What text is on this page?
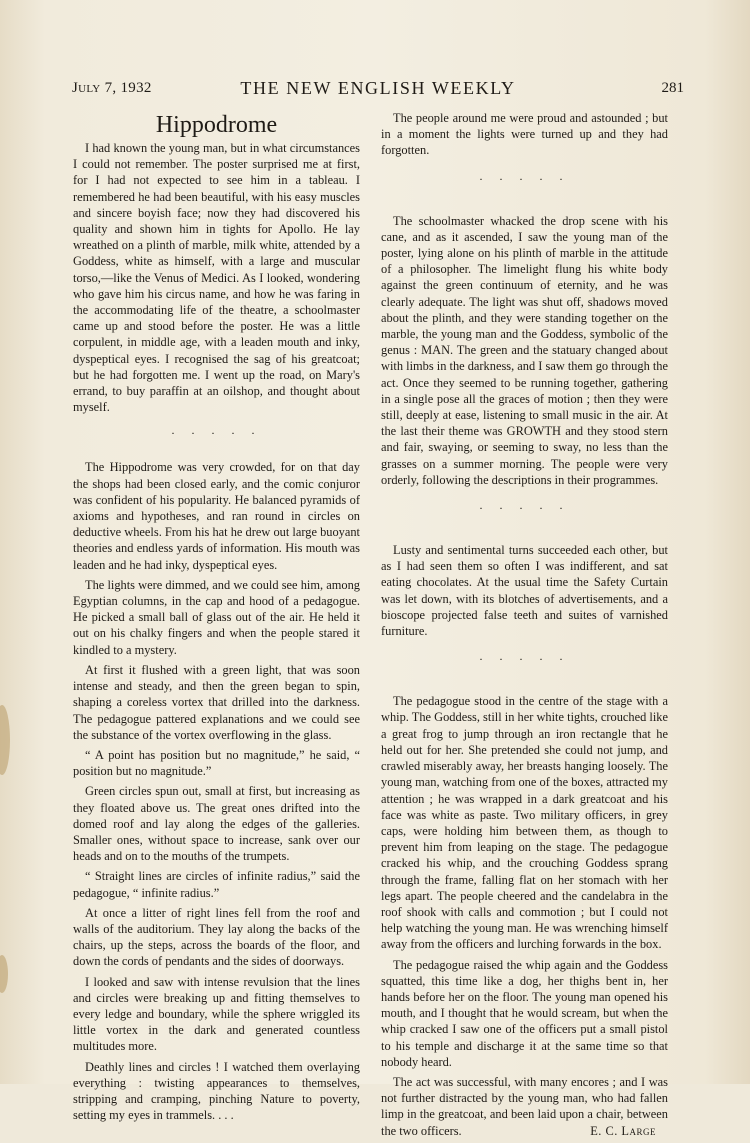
July 7, 1932	THE NEW ENGLISH WEEKLY	281
Hippodrome

I had known the young man, but in what circumstances I could not remember. The poster surprised me at first, for I had not expected to see him in a tableau. I remembered he had been beautiful, with his easy muscles and sincere boyish face; now they had discovered his quality and shown him in tights for Apollo. He lay wreathed on a plinth of marble, milk white, attended by a Goddess, white as himself, with a large and muscular torso,—like the Venus of Medici. As I looked, wondering who gave him his circus name, and how he was faring in the accommodating life of the theatre, a schoolmaster came up and stood before the poster. He was a little corpulent, in middle age, with a leaden mouth and inky, dyspeptical eyes. I recognised the sag of his greatcoat; but he had forgotten me. I went up the road, on Mary's errand, to buy paraffin at an oilshop, and thought about myself.

. . . . .

The Hippodrome was very crowded, for on that day the shops had been closed early, and the comic conjuror was confident of his popularity. He balanced pyramids of axioms and hypotheses, and ran round in circles on deductive wheels. From his hat he drew out large buoyant theories and endless yards of information. His mouth was leaden and he had inky, dyspeptical eyes.

The lights were dimmed, and we could see him, among Egyptian columns, in the cap and hood of a pedagogue. He picked a small ball of glass out of the air. He held it out on his chalky fingers and when the people stared it kindled to a mystery.

At first it flushed with a green light, that was soon intense and steady, and then the green began to spin, shaping a coreless vortex that drilled into the darkness. The pedagogue pattered explanations and we could see the substance of the vortex overflowing in the glass.

“ A point has position but no magnitude,” he said, “ position but no magnitude.”

Green circles spun out, small at first, but increasing as they floated above us. The great ones drifted into the domed roof and lay along the edges of the galleries. Smaller ones, without space to increase, sank over our heads and on to the mouths of the trumpets.

“ Straight lines are circles of infinite radius,” said the pedagogue, “ infinite radius.”

At once a litter of right lines fell from the roof and walls of the auditorium. They lay along the backs of the chairs, up the steps, across the boards of the floor, and down the cords of pendants and the sides of doorways.

I looked and saw with intense revulsion that the lines and circles were breaking up and fitting themselves to every ledge and boundary, while the sphere wriggled its little vortex in the dark and generated countless multitudes more.

Deathly lines and circles ! I watched them overlaying everything : twisting appearances to themselves, stripping and cramping, pinching Nature to poverty, setting my eyes in trammels. . . .

The people around me were proud and astounded ; but in a moment the lights were turned up and they had forgotten.

. . . . .

The schoolmaster whacked the drop scene with his cane, and as it ascended, I saw the young man of the poster, lying alone on his plinth of marble in the attitude of a philosopher. The limelight flung his white body against the green continuum of eternity, and he was clearly adequate. The light was shut off, shadows moved about the plinth, and they were standing together on the marble, the young man and the Goddess, symbolic of the genus : MAN. The green and the statuary changed about with limbs in the darkness, and I saw them go through the act. Once they seemed to be running together, gathering in a single pose all the graces of motion ; then they were still, deeply at ease, listening to small music in the air. At the last their theme was GROWTH and they stood stern and fair, swaying, or seeming to sway, no less than the grasses on a summer morning. The people were very orderly, following the descriptions in their programmes.

. . . . .

Lusty and sentimental turns succeeded each other, but as I had seen them so often I was indifferent, and sat eating chocolates. At the usual time the Safety Curtain was let down, with its blotches of advertisements, and a bioscope projected false teeth and suites of varnished furniture.

. . . . .

The pedagogue stood in the centre of the stage with a whip. The Goddess, still in her white tights, crouched like a great frog to jump through an iron rectangle that he held out for her. She pretended she could not jump, and crawled miserably away, her breasts hanging loosely. The young man, watching from one of the boxes, attracted my attention ; he was wrapped in a dark greatcoat and his face was white as paste. Two military officers, in grey caps, were holding him between them, as though to prevent him from leaping on the stage. The pedagogue cracked his whip, and the crouching Goddess sprang through the frame, falling flat on her stomach with her legs apart. The people cheered and the candelabra in the roof shook with calls and commotion ; but I could not help watching the young man. He was wrenching himself away from the officers and lurching forwards in the box.

The pedagogue raised the whip again and the Goddess squatted, this time like a dog, her thighs bent in, her hands before her on the floor. The young man opened his mouth, and I thought that he would scream, but when the whip cracked I saw one of the officers put a small pistol to his temple and discharge it at the same time so that nobody heard.

The act was successful, with many encores ; and I was not further distracted by the young man, who had fallen limp in the greatcoat, and been laid upon a chair, between the two officers.	E. C. Large
